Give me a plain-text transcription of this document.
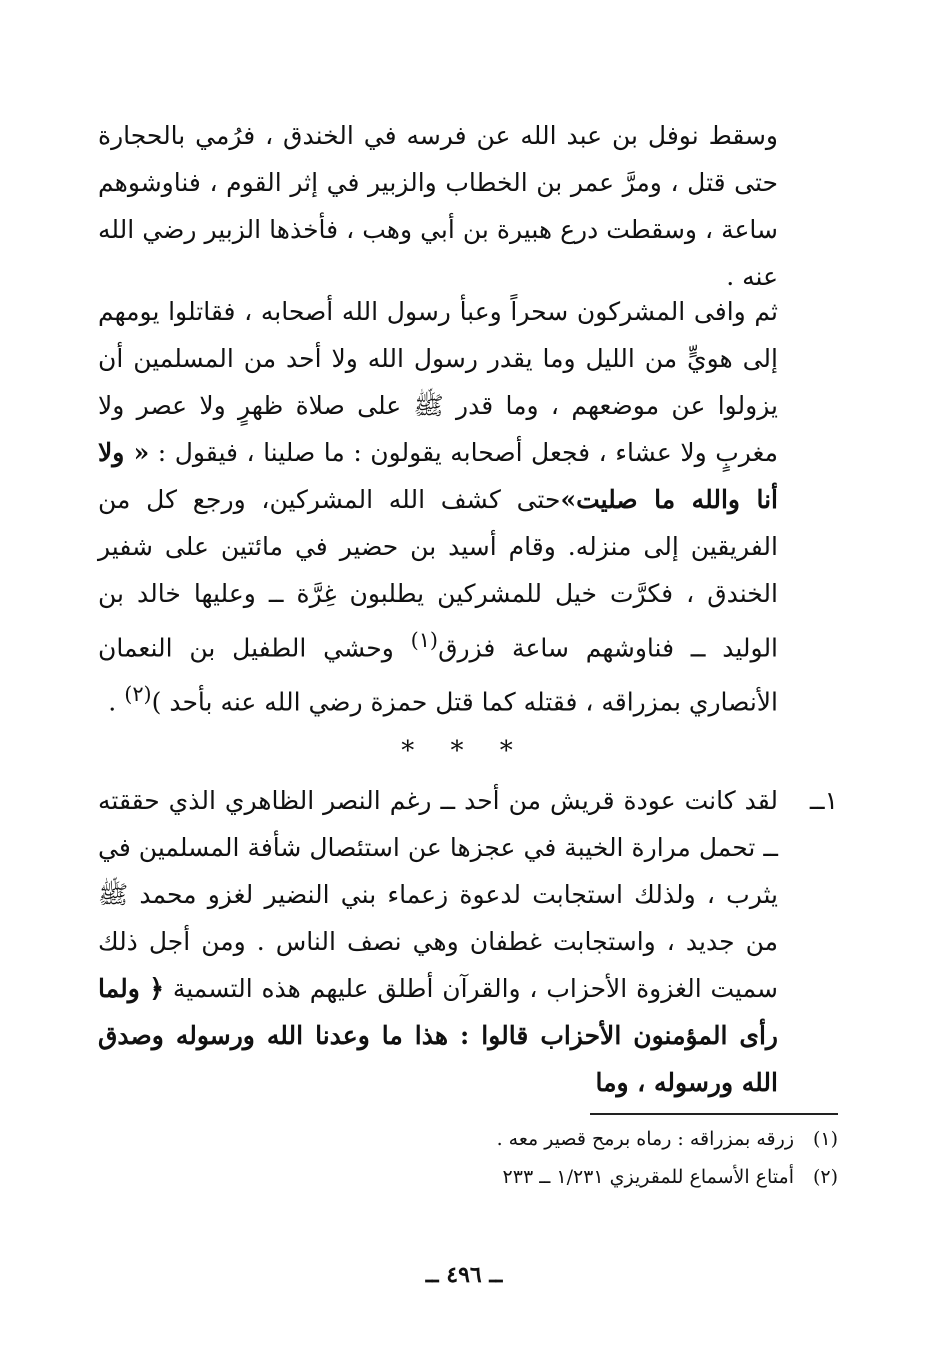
وسقط نوفل بن عبد الله عن فرسه في الخندق ، فرُمي بالحجارة حتى قتل ، ومرَّ عمر بن الخطاب والزبير في إثر القوم ، فناوشوهم ساعة ، وسقطت درع هبيرة بن أبي وهب ، فأخذها الزبير رضي الله عنه .

ثم وافى المشركون سحراً وعبأ رسول الله أصحابه ، فقاتلوا يومهم إلى هويٍّ من الليل وما يقدر رسول الله ولا أحد من المسلمين أن يزولوا عن موضعهم ، وما قدر ﷺ على صلاة ظهرٍ ولا عصر ولا مغربٍ ولا عشاء ، فجعل أصحابه يقولون : ما صلينا ، فيقول : « ولا أنا والله ما صليت»حتى كشف الله المشركين، ورجع كل من الفريقين إلى منزله. وقام أسيد بن حضير في مائتين على شفير الخندق ، فكرَّت خيل للمشركين يطلبون غِرَّة ــ وعليها خالد بن الوليد ــ فناوشهم ساعة فزرق$^{(١)}$ وحشي الطفيل بن النعمان الأنصاري بمزراقه ، فقتله كما قتل حمزة رضي الله عنه بأحد )$^{(٢)}$ .

* * *
١ــ

لقد كانت عودة قريش من أحد ــ رغم النصر الظاهري الذي حققته ــ تحمل مرارة الخيبة في عجزها عن استئصال شأفة المسلمين في يثرب ، ولذلك استجابت لدعوة زعماء بني النضير لغزو محمد ﷺ من جديد ، واستجابت غطفان وهي نصف الناس . ومن أجل ذلك سميت الغزوة الأحزاب ، والقرآن أطلق عليهم هذه التسمية ﴿ ولما رأى المؤمنون الأحزاب قالوا : هذا ما وعدنا الله ورسوله وصدق الله ورسوله ، وما

(١)زرقه بمزراقه : رماه برمح قصير معه .
(٢)أمتاع الأسماع للمقريزي ١/٢٣١ ــ ٢٣٣
ــ ٤٩٦ ــ
